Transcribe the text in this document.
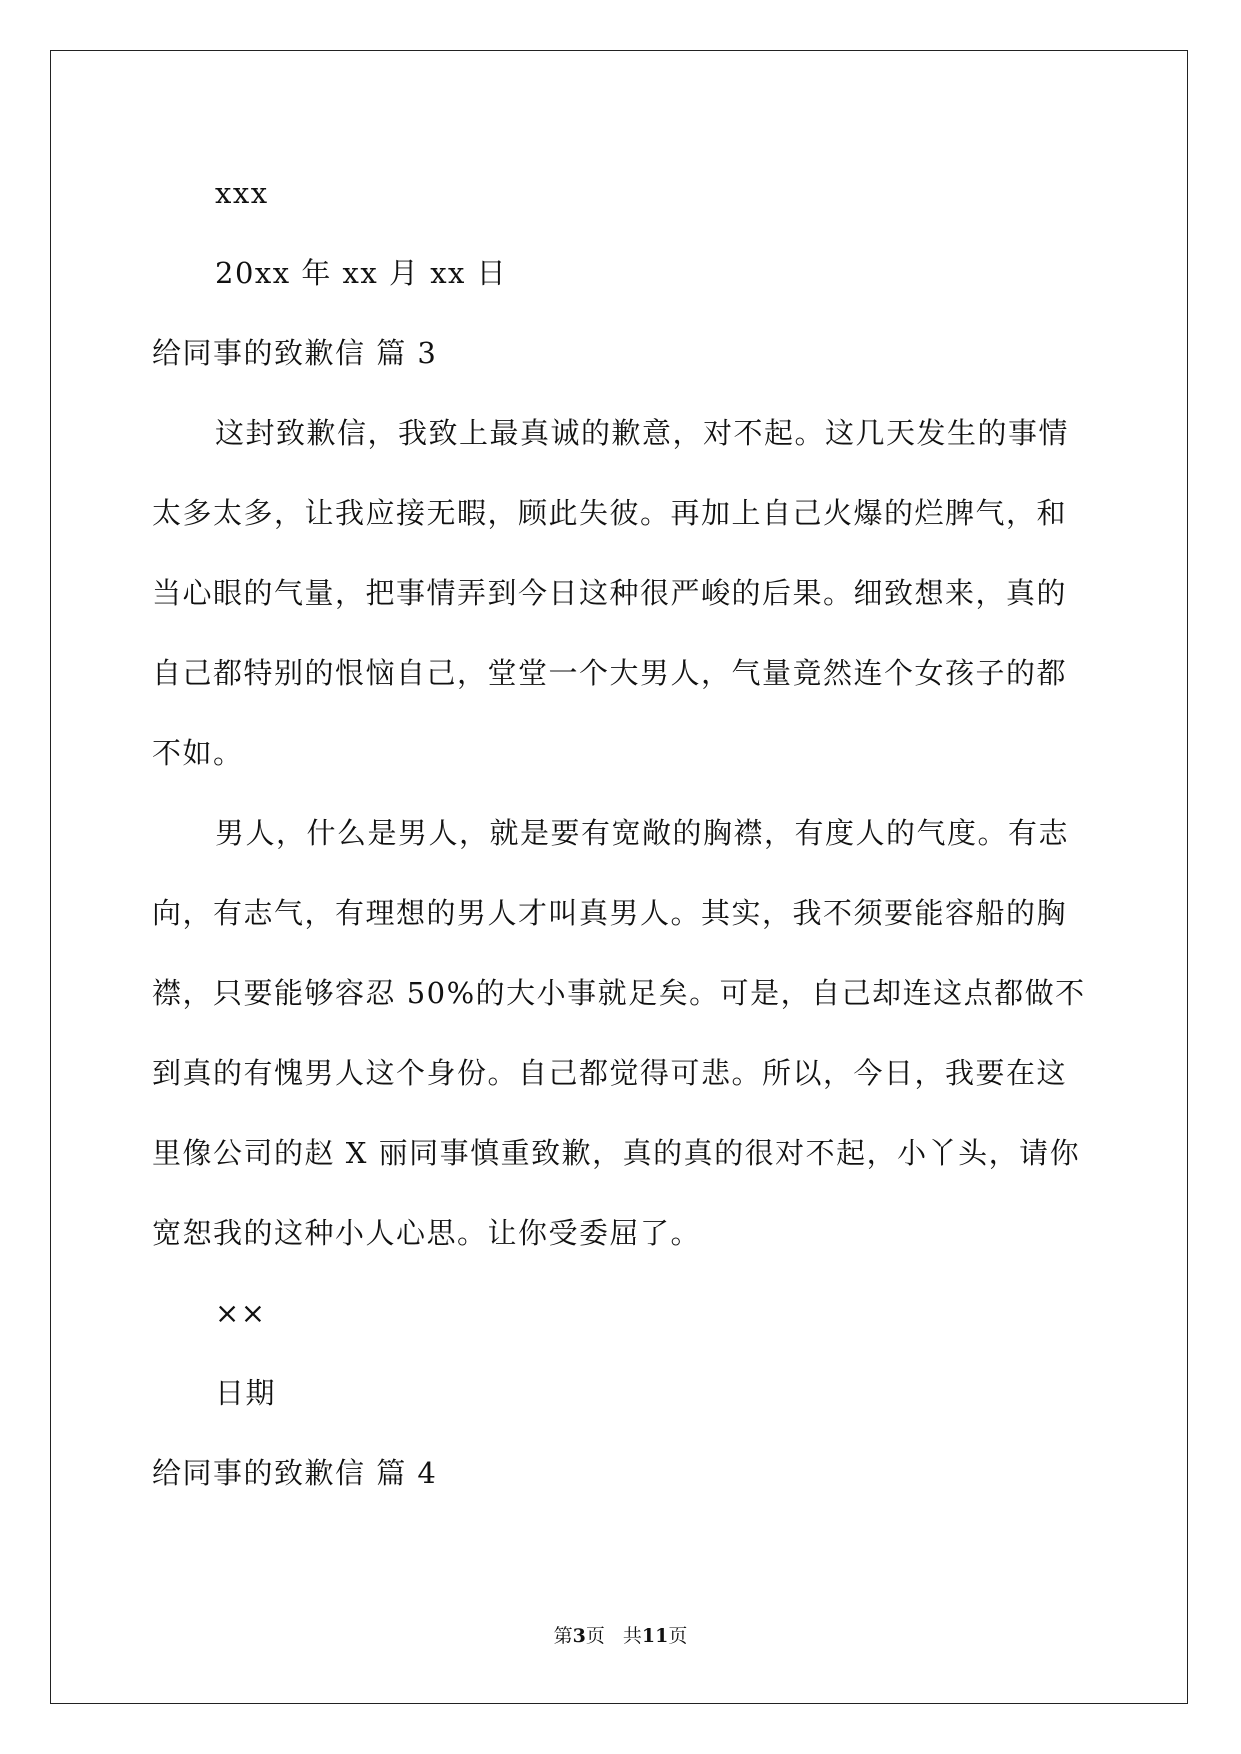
xxx
20xx 年 xx 月 xx 日
给同事的致歉信 篇 3
这封致歉信，我致上最真诚的歉意，对不起。这几天发生的事情
太多太多，让我应接无暇，顾此失彼。再加上自己火爆的烂脾气，和
当心眼的气量，把事情弄到今日这种很严峻的后果。细致想来，真的
自己都特别的恨恼自己，堂堂一个大男人，气量竟然连个女孩子的都
不如。
男人，什么是男人，就是要有宽敞的胸襟，有度人的气度。有志
向，有志气，有理想的男人才叫真男人。其实，我不须要能容船的胸
襟，只要能够容忍 50%的大小事就足矣。可是，自己却连这点都做不
到真的有愧男人这个身份。自己都觉得可悲。所以，今日，我要在这
里像公司的赵 X 丽同事慎重致歉，真的真的很对不起，小丫头，请你
宽恕我的这种小人心思。让你受委屈了。
××
日期
给同事的致歉信 篇 4
第3页 共11页
